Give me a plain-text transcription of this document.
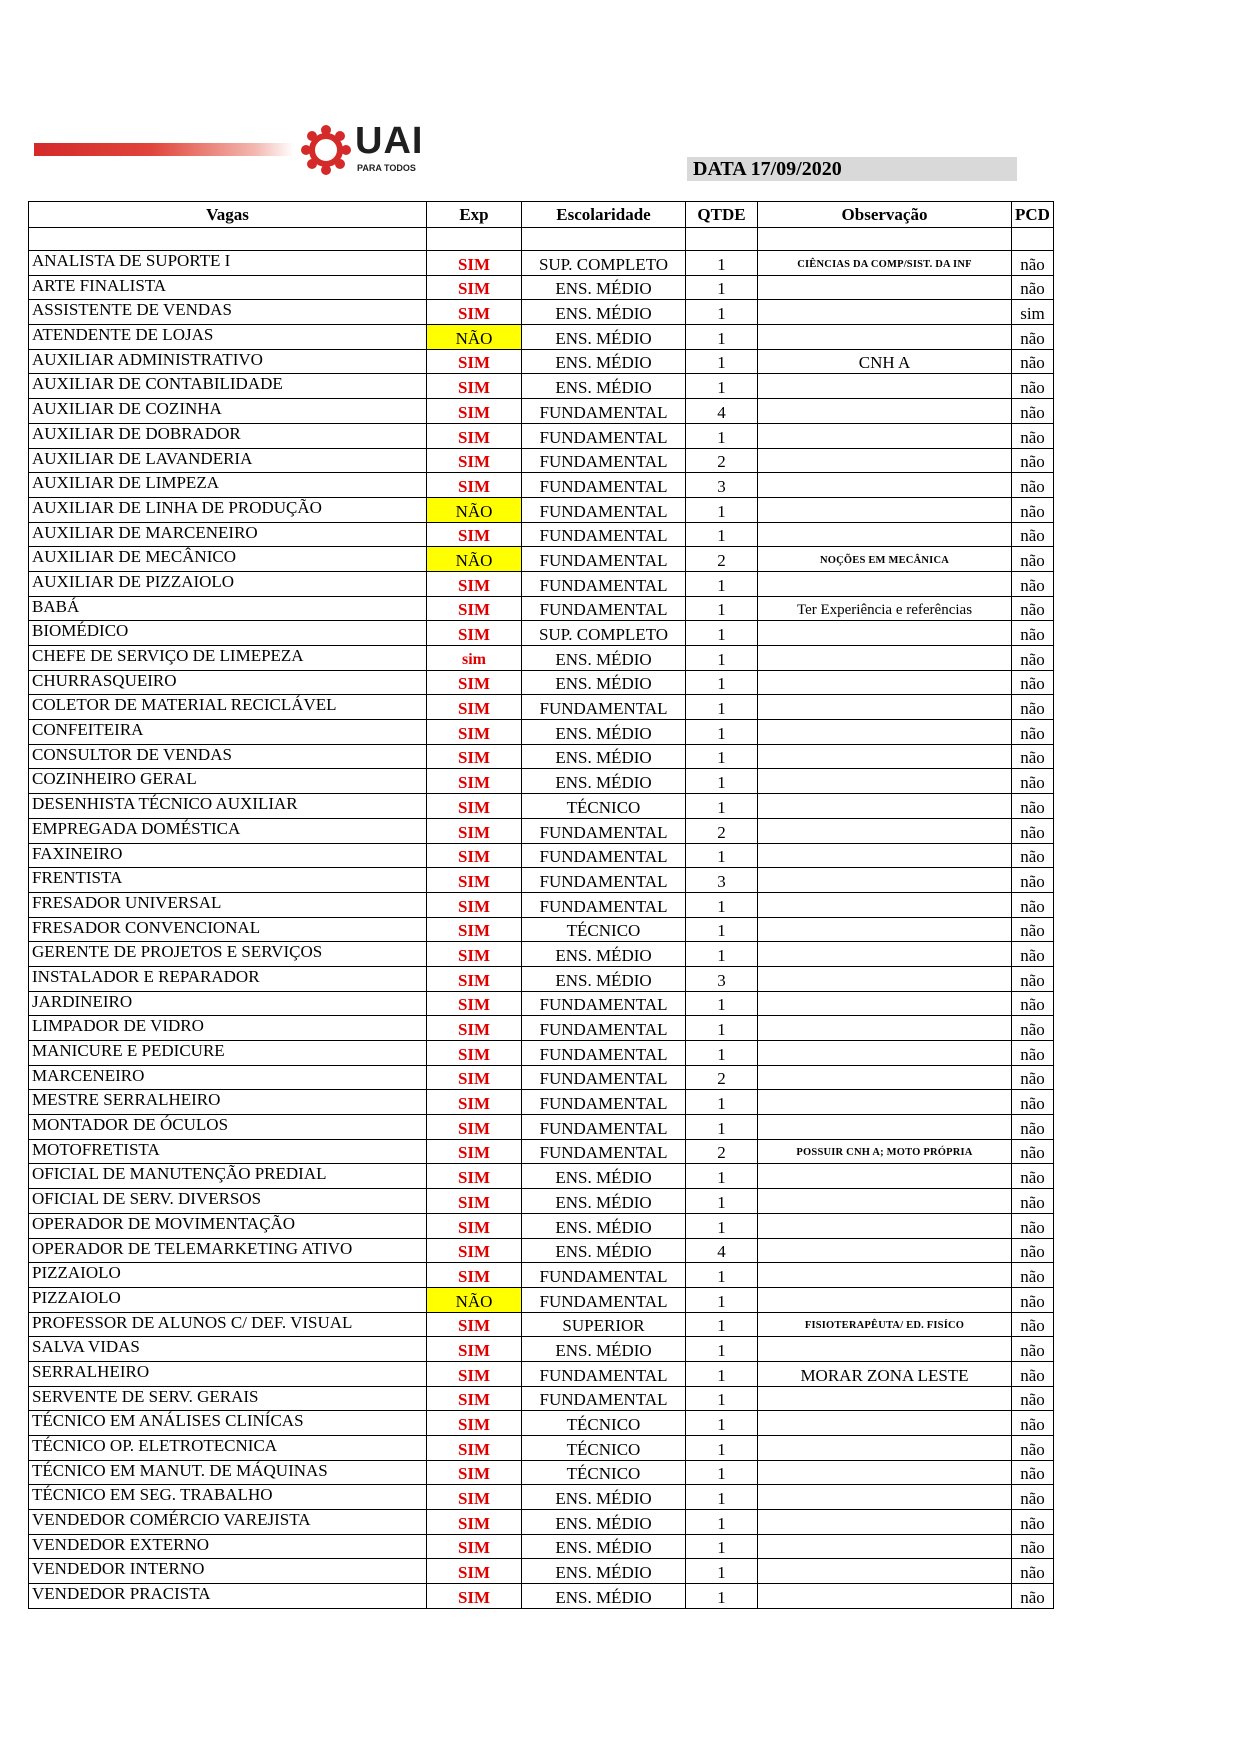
UAI
PARA TODOS	DATA 17/09/2020
Vagas	Exp	Escolaridade	QTDE	Observação	PCD

ANALISTA DE SUPORTE I	SIM	SUP. COMPLETO	1	CIÊNCIAS DA COMP/SIST. DA INF	não
ARTE FINALISTA	SIM	ENS. MÉDIO	1		não
ASSISTENTE DE VENDAS	SIM	ENS. MÉDIO	1		sim
ATENDENTE DE LOJAS	NÃO	ENS. MÉDIO	1		não
AUXILIAR ADMINISTRATIVO	SIM	ENS. MÉDIO	1	CNH A	não
AUXILIAR DE CONTABILIDADE	SIM	ENS. MÉDIO	1		não
AUXILIAR DE COZINHA	SIM	FUNDAMENTAL	4		não
AUXILIAR DE DOBRADOR	SIM	FUNDAMENTAL	1		não
AUXILIAR DE LAVANDERIA	SIM	FUNDAMENTAL	2		não
AUXILIAR DE LIMPEZA	SIM	FUNDAMENTAL	3		não
AUXILIAR DE LINHA DE PRODUÇÃO	NÃO	FUNDAMENTAL	1		não
AUXILIAR DE MARCENEIRO	SIM	FUNDAMENTAL	1		não
AUXILIAR DE MECÂNICO	NÃO	FUNDAMENTAL	2	NOÇÕES EM MECÂNICA	não
AUXILIAR DE PIZZAIOLO	SIM	FUNDAMENTAL	1		não
BABÁ	SIM	FUNDAMENTAL	1	Ter Experiência e referências	não
BIOMÉDICO	SIM	SUP. COMPLETO	1		não
CHEFE DE SERVIÇO DE LIMEPEZA	sim	ENS. MÉDIO	1		não
CHURRASQUEIRO	SIM	ENS. MÉDIO	1		não
COLETOR DE MATERIAL RECICLÁVEL	SIM	FUNDAMENTAL	1		não
CONFEITEIRA	SIM	ENS. MÉDIO	1		não
CONSULTOR DE VENDAS	SIM	ENS. MÉDIO	1		não
COZINHEIRO GERAL	SIM	ENS. MÉDIO	1		não
DESENHISTA TÉCNICO AUXILIAR	SIM	TÉCNICO	1		não
EMPREGADA DOMÉSTICA	SIM	FUNDAMENTAL	2		não
FAXINEIRO	SIM	FUNDAMENTAL	1		não
FRENTISTA	SIM	FUNDAMENTAL	3		não
FRESADOR UNIVERSAL	SIM	FUNDAMENTAL	1		não
FRESADOR CONVENCIONAL	SIM	TÉCNICO	1		não
GERENTE DE PROJETOS E SERVIÇOS	SIM	ENS. MÉDIO	1		não
INSTALADOR E REPARADOR	SIM	ENS. MÉDIO	3		não
JARDINEIRO	SIM	FUNDAMENTAL	1		não
LIMPADOR DE VIDRO	SIM	FUNDAMENTAL	1		não
MANICURE E PEDICURE	SIM	FUNDAMENTAL	1		não
MARCENEIRO	SIM	FUNDAMENTAL	2		não
MESTRE SERRALHEIRO	SIM	FUNDAMENTAL	1		não
MONTADOR DE ÓCULOS	SIM	FUNDAMENTAL	1		não
MOTOFRETISTA	SIM	FUNDAMENTAL	2	POSSUIR CNH A; MOTO PRÓPRIA	não
OFICIAL DE MANUTENÇÃO PREDIAL	SIM	ENS. MÉDIO	1		não
OFICIAL DE SERV. DIVERSOS	SIM	ENS. MÉDIO	1		não
OPERADOR DE MOVIMENTAÇÃO	SIM	ENS. MÉDIO	1		não
OPERADOR DE TELEMARKETING ATIVO	SIM	ENS. MÉDIO	4		não
PIZZAIOLO	SIM	FUNDAMENTAL	1		não
PIZZAIOLO	NÃO	FUNDAMENTAL	1		não
PROFESSOR DE ALUNOS C/ DEF. VISUAL	SIM	SUPERIOR	1	FISIOTERAPÊUTA/ ED. FISÍCO	não
SALVA VIDAS	SIM	ENS. MÉDIO	1		não
SERRALHEIRO	SIM	FUNDAMENTAL	1	MORAR ZONA LESTE	não
SERVENTE DE SERV. GERAIS	SIM	FUNDAMENTAL	1		não
TÉCNICO EM ANÁLISES CLINÍCAS	SIM	TÉCNICO	1		não
TÉCNICO OP. ELETROTECNICA	SIM	TÉCNICO	1		não
TÉCNICO EM MANUT. DE MÁQUINAS	SIM	TÉCNICO	1		não
TÉCNICO EM SEG. TRABALHO	SIM	ENS. MÉDIO	1		não
VENDEDOR COMÉRCIO VAREJISTA	SIM	ENS. MÉDIO	1		não
VENDEDOR EXTERNO	SIM	ENS. MÉDIO	1		não
VENDEDOR INTERNO	SIM	ENS. MÉDIO	1		não
VENDEDOR PRACISTA	SIM	ENS. MÉDIO	1		não
